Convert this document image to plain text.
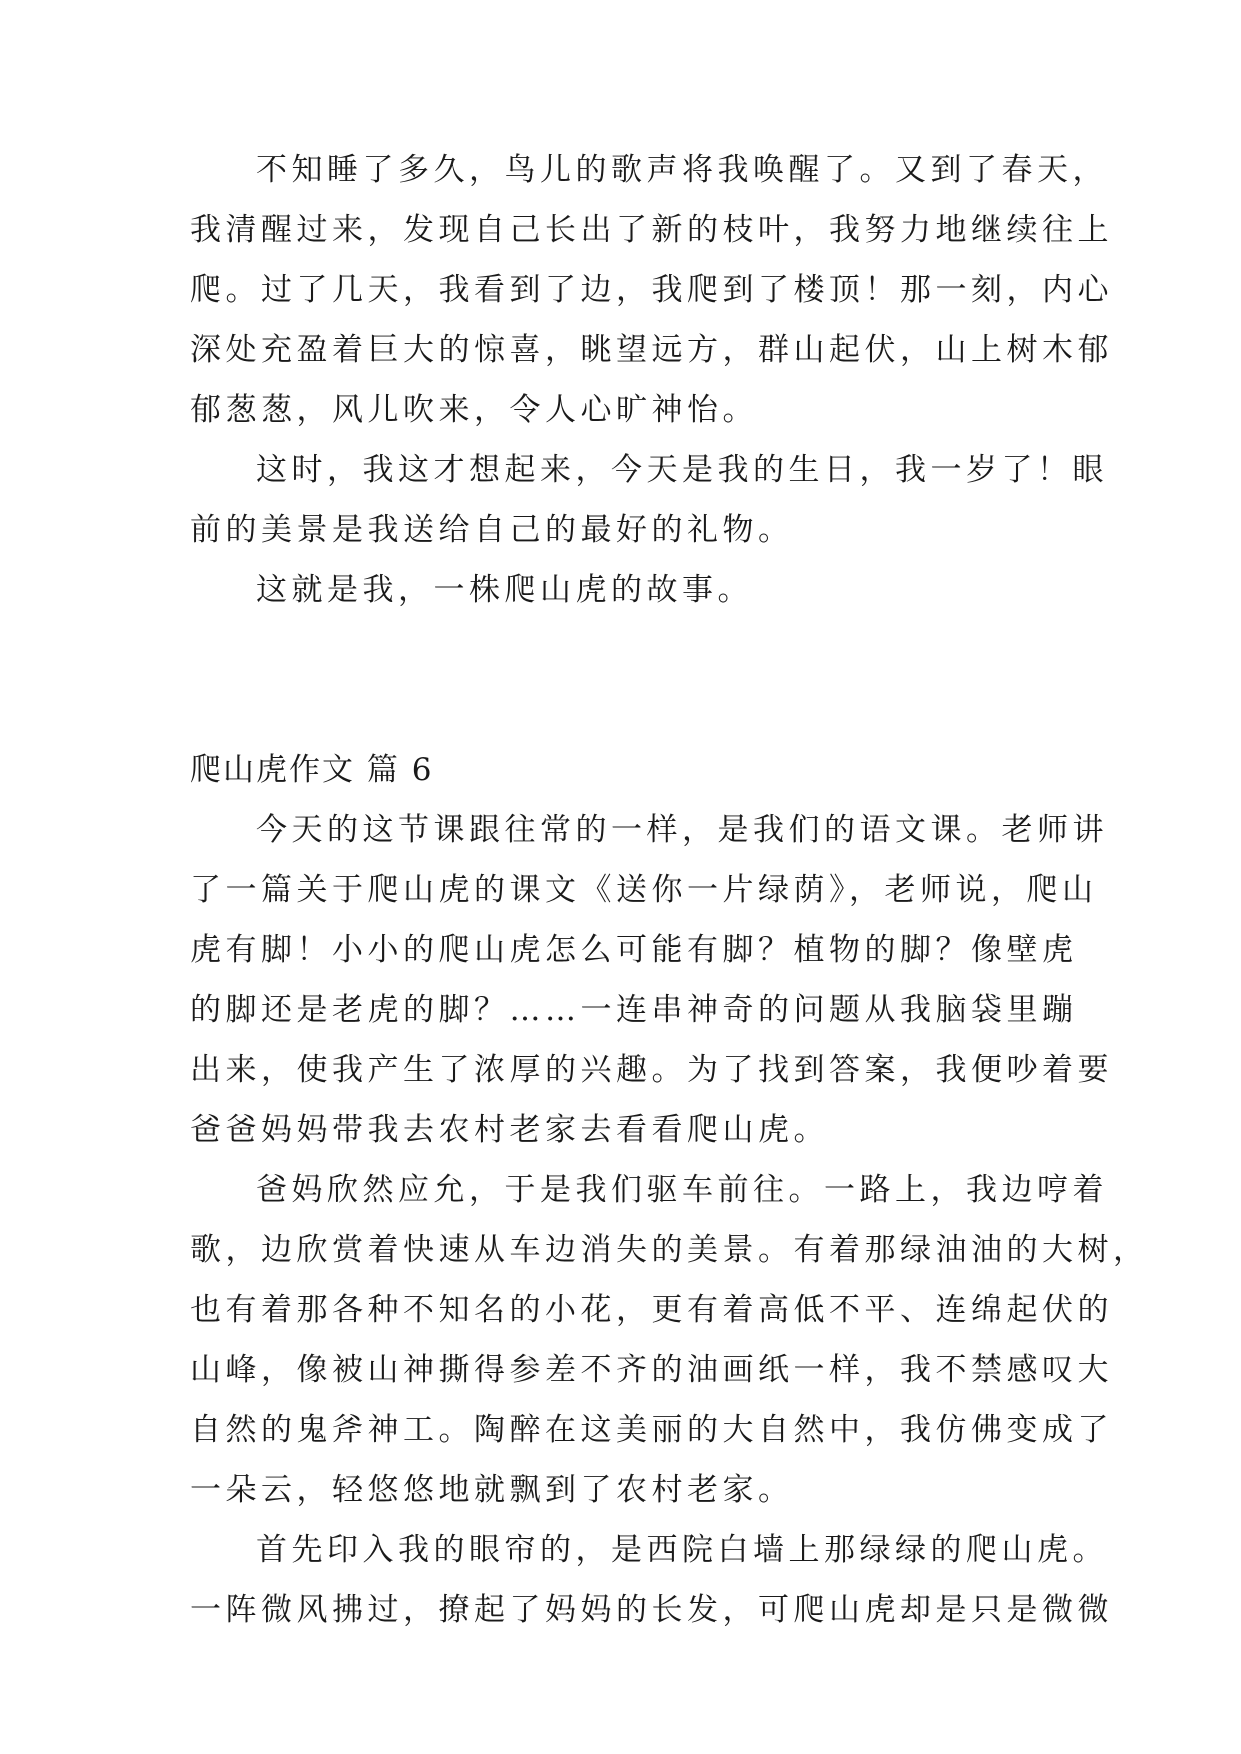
不知睡了多久，鸟儿的歌声将我唤醒了。又到了春天，

我清醒过来，发现自己长出了新的枝叶，我努力地继续往上

爬。过了几天，我看到了边，我爬到了楼顶！那一刻，内心

深处充盈着巨大的惊喜，眺望远方，群山起伏，山上树木郁

郁葱葱，风儿吹来，令人心旷神怡。

这时，我这才想起来，今天是我的生日，我一岁了！眼

前的美景是我送给自己的最好的礼物。

这就是我，一株爬山虎的故事。

爬山虎作文 篇 6

今天的这节课跟往常的一样，是我们的语文课。老师讲

了一篇关于爬山虎的课文《送你一片绿荫》，老师说，爬山

虎有脚！小小的爬山虎怎么可能有脚？植物的脚？像壁虎

的脚还是老虎的脚？……一连串神奇的问题从我脑袋里蹦

出来，使我产生了浓厚的兴趣。为了找到答案，我便吵着要

爸爸妈妈带我去农村老家去看看爬山虎。

爸妈欣然应允，于是我们驱车前往。一路上，我边哼着

歌，边欣赏着快速从车边消失的美景。有着那绿油油的大树，

也有着那各种不知名的小花，更有着高低不平、连绵起伏的

山峰，像被山神撕得参差不齐的油画纸一样，我不禁感叹大

自然的鬼斧神工。陶醉在这美丽的大自然中，我仿佛变成了

一朵云，轻悠悠地就飘到了农村老家。

首先印入我的眼帘的，是西院白墙上那绿绿的爬山虎。

一阵微风拂过，撩起了妈妈的长发，可爬山虎却是只是微微
